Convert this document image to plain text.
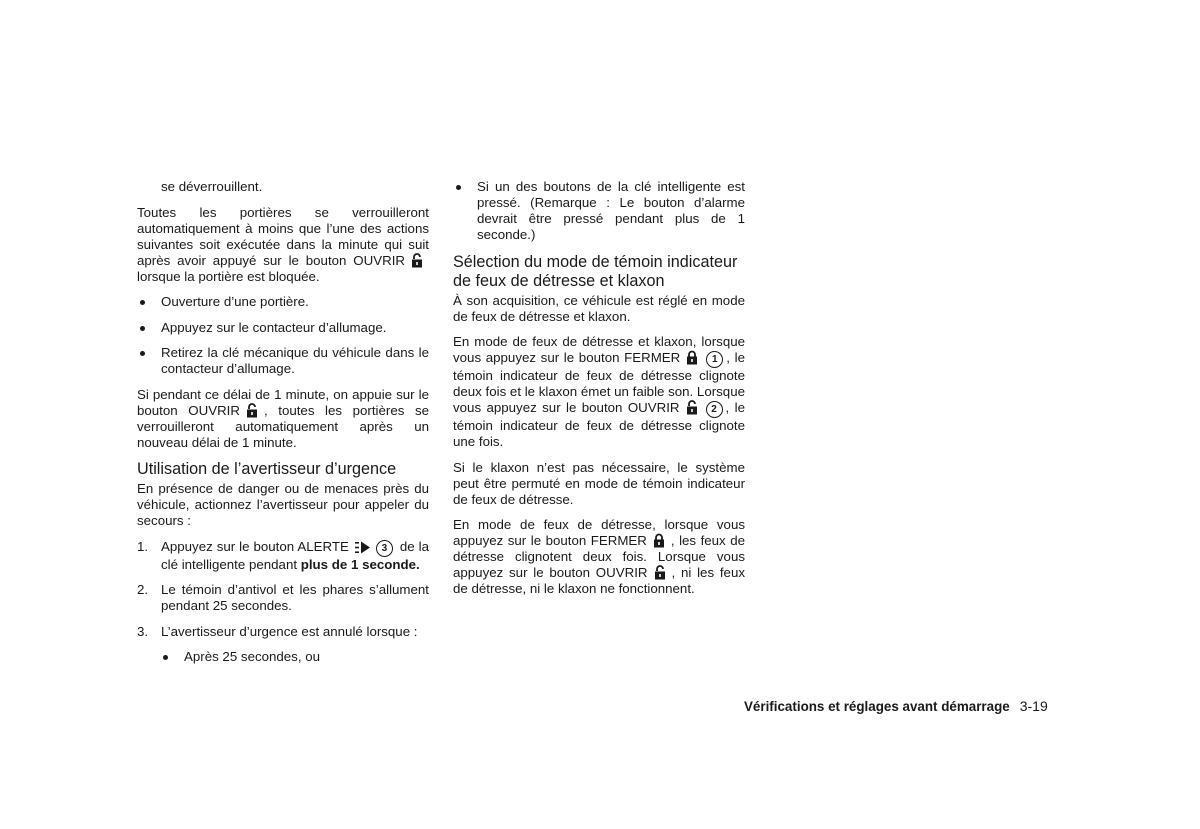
se déverrouillent.

Toutes les portières se verrouilleront automatiquement à moins que l’une des actions suivantes soit exécutée dans la minute qui suit après avoir appuyé sur le bouton OUVRIRlorsque la portière est bloquée.

Ouverture d’une portière.
Appuyez sur le contacteur d’allumage.
Retirez la clé mécanique du véhicule dans le contacteur d’allumage.

Si pendant ce délai de 1 minute, on appuie sur le bouton OUVRIR , toutes les portières se verrouilleront automatiquement après un nouveau délai de 1 minute.

Utilisation de l’avertisseur d’urgence

En présence de danger ou de menaces près du véhicule, actionnez l’avertisseur pour appeler du secours :

1. Appuyez sur le bouton ALERTE	3 de la clé intelligente pendant plus de 1 seconde.
2. Le témoin d’antivol et les phares s’allument pendant 25 secondes.
3. L’avertisseur d’urgence est annulé lorsque :
Après 25 secondes, ou
Si un des boutons de la clé intelligente est pressé. (Remarque : Le bouton d’alarme devrait être pressé pendant plus de 1 seconde.)
Sélection du mode de témoin indicateur de feux de détresse et klaxon

À son acquisition, ce véhicule est réglé en mode de feux de détresse et klaxon.

En mode de feux de détresse et klaxon, lorsque vous appuyez sur le bouton FERMER	1 , le témoin indicateur de feux de détresse clignote deux fois et le klaxon émet un faible son. Lorsque vous appuyez sur le bouton OUVRIR	2 , le témoin indicateur de feux de détresse clignote une fois.

Si le klaxon n’est pas nécessaire, le système peut être permuté en mode de témoin indicateur de feux de détresse.

En mode de feux de détresse, lorsque vous appuyez sur le bouton FERMER , les feux de détresse clignotent deux fois. Lorsque vous appuyez sur le bouton OUVRIR , ni les feux de détresse, ni le klaxon ne fonctionnent.

Vérifications et réglages avant démarrage 3-19
